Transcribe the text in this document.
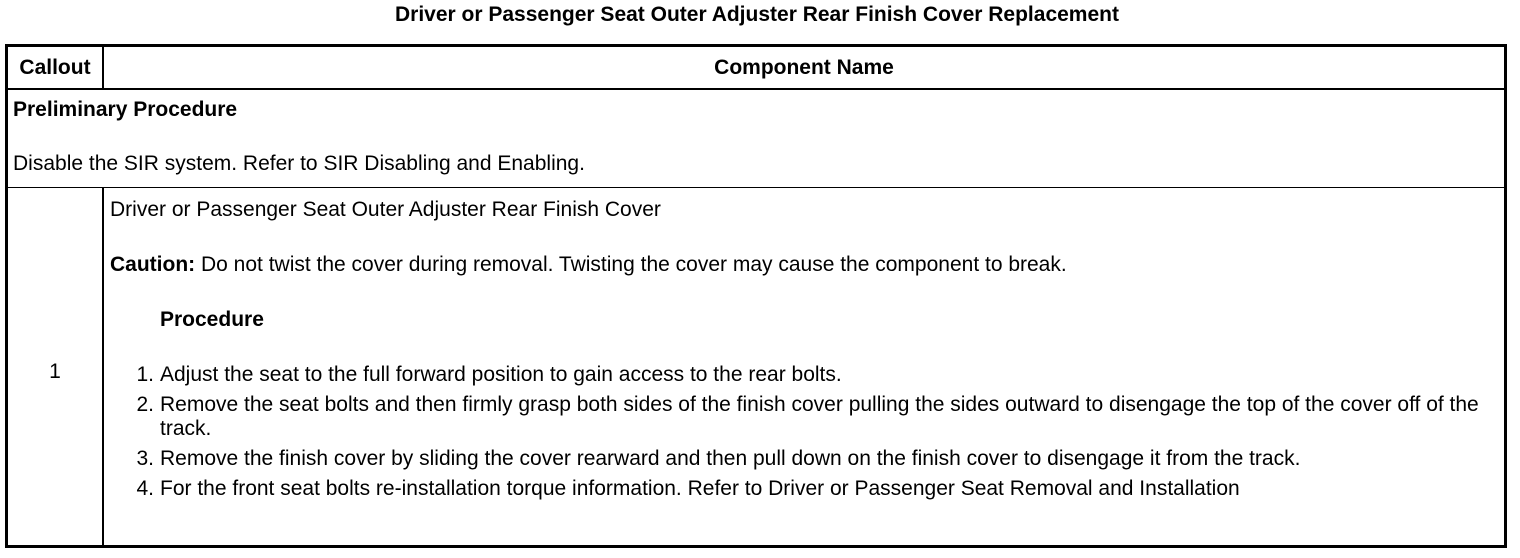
Driver or Passenger Seat Outer Adjuster Rear Finish Cover Replacement
Callout	Component Name
Preliminary Procedure
Disable the SIR system. Refer to SIR Disabling and Enabling.
1
Driver or Passenger Seat Outer Adjuster Rear Finish Cover
Caution: Do not twist the cover during removal. Twisting the cover may cause the component to break.
Procedure
1. Adjust the seat to the full forward position to gain access to the rear bolts.
2. Remove the seat bolts and then firmly grasp both sides of the finish cover pulling the sides outward to disengage the top of the cover off of the track.
3. Remove the finish cover by sliding the cover rearward and then pull down on the finish cover to disengage it from the track.
4. For the front seat bolts re-installation torque information. Refer to Driver or Passenger Seat Removal and Installation
